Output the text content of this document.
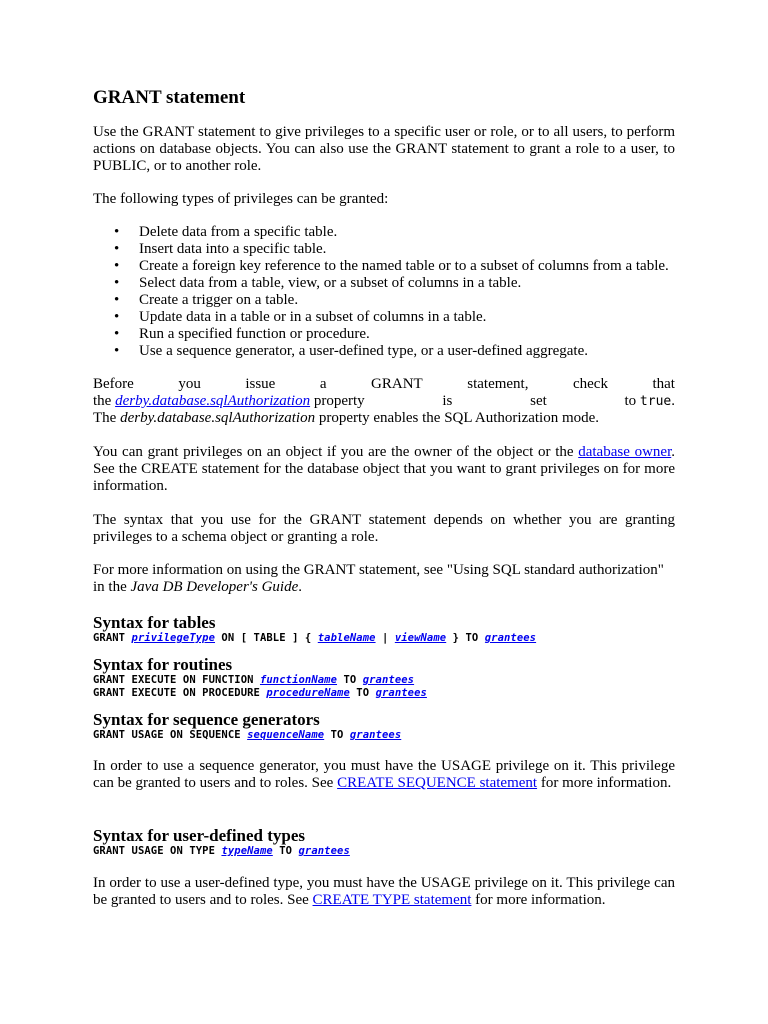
GRANT statement

Use the GRANT statement to give privileges to a specific user or role, or to all users, to perform actions on database objects. You can also use the GRANT statement to grant a role to a user, to PUBLIC, or to another role.

The following types of privileges can be granted:

• Delete data from a specific table.
• Insert data into a specific table.
• Create a foreign key reference to the named table or to a subset of columns from a table.
• Select data from a table, view, or a subset of columns in a table.
• Create a trigger on a table.
• Update data in a table or in a subset of columns in a table.
• Run a specified function or procedure.
• Use a sequence generator, a user-defined type, or a user-defined aggregate.
Before	you	issue	a	GRANT	statement,	check	that
the derby.database.sqlAuthorization property	is	set	to true.
The derby.database.sqlAuthorization property enables the SQL Authorization mode.

You can grant privileges on an object if you are the owner of the object or the database owner. See the CREATE statement for the database object that you want to grant privileges on for more information.

The syntax that you use for the GRANT statement depends on whether you are granting privileges to a schema object or granting a role.

For more information on using the GRANT statement, see "Using SQL standard authorization" in the Java DB Developer's Guide.

Syntax for tables
GRANT privilegeType ON [ TABLE ] { tableName | viewName } TO grantees
Syntax for routines
GRANT EXECUTE ON FUNCTION functionName TO grantees
GRANT EXECUTE ON PROCEDURE procedureName TO grantees
Syntax for sequence generators
GRANT USAGE ON SEQUENCE sequenceName TO grantees

In order to use a sequence generator, you must have the USAGE privilege on it. This privilege can be granted to users and to roles. See CREATE SEQUENCE statement for more information.

Syntax for user-defined types
GRANT USAGE ON TYPE typeName TO grantees

In order to use a user-defined type, you must have the USAGE privilege on it. This privilege can be granted to users and to roles. See CREATE TYPE statement for more information.
